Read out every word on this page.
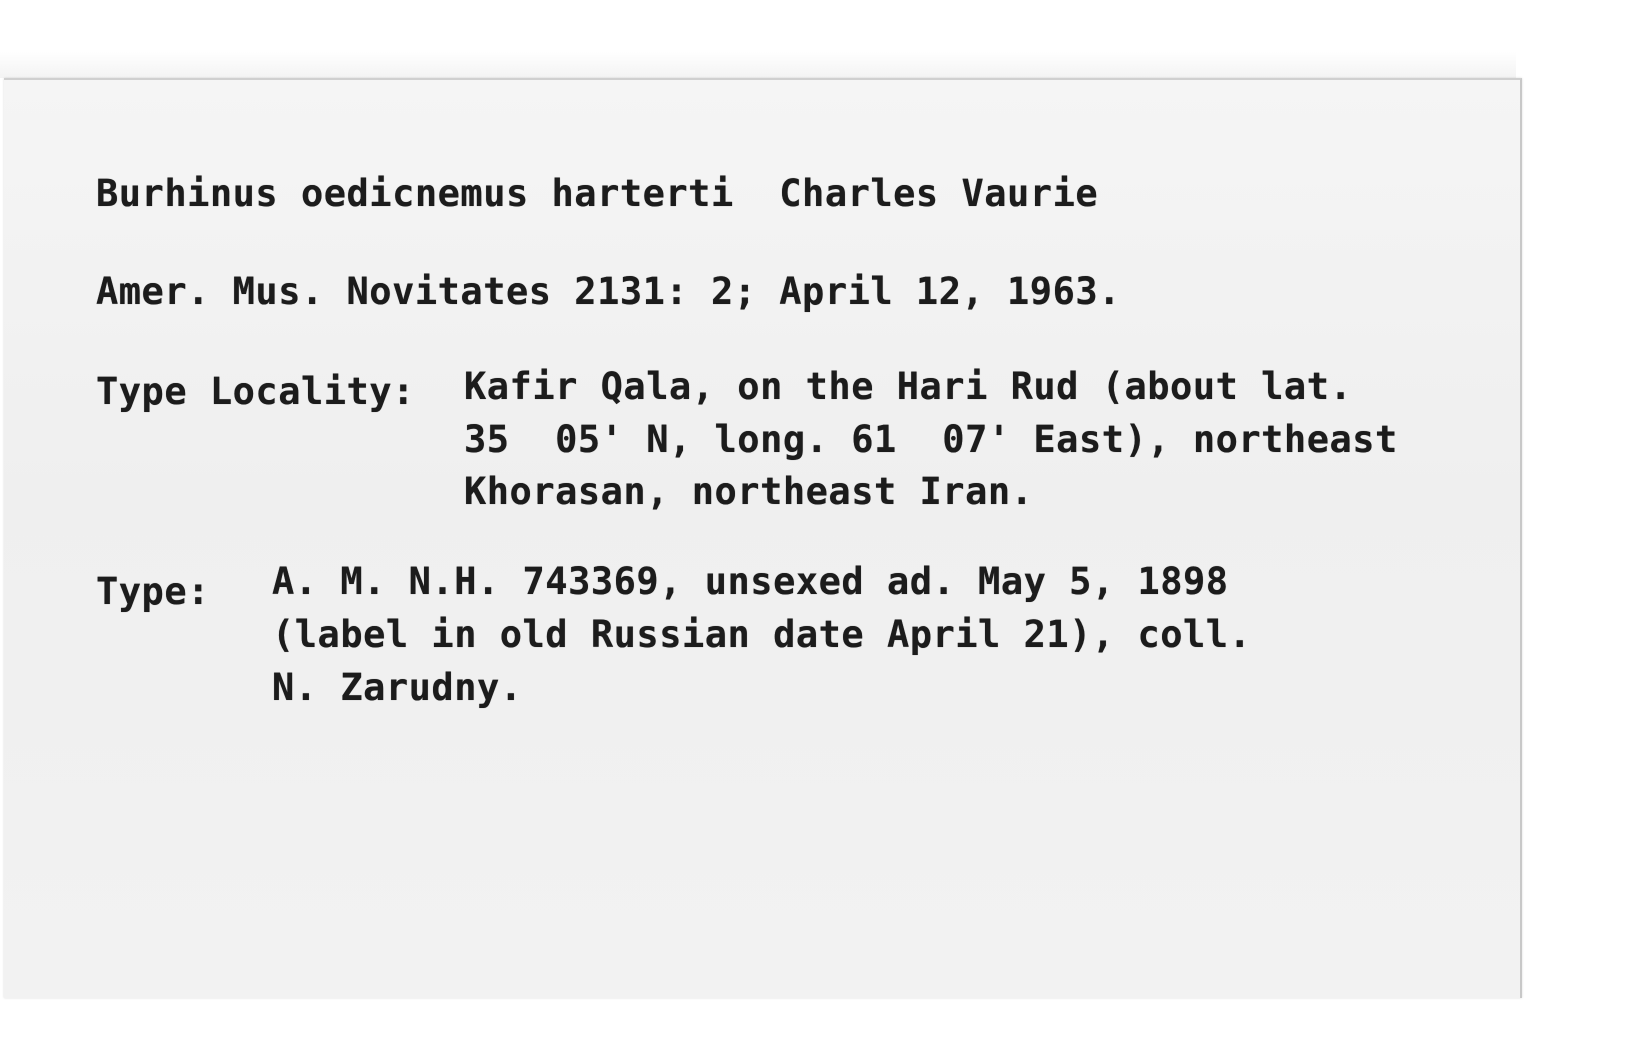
Burhinus oedicnemus harterti  Charles Vaurie

Amer. Mus. Novitates 2131: 2; April 12, 1963.

Type Locality: Kafir Qala, on the Hari Rud (about lat.

35  05' N, long. 61  07' East), northeast

Khorasan, northeast Iran.

Type: A. M. N.H. 743369, unsexed ad. May 5, 1898

(label in old Russian date April 21), coll.

N. Zarudny.
